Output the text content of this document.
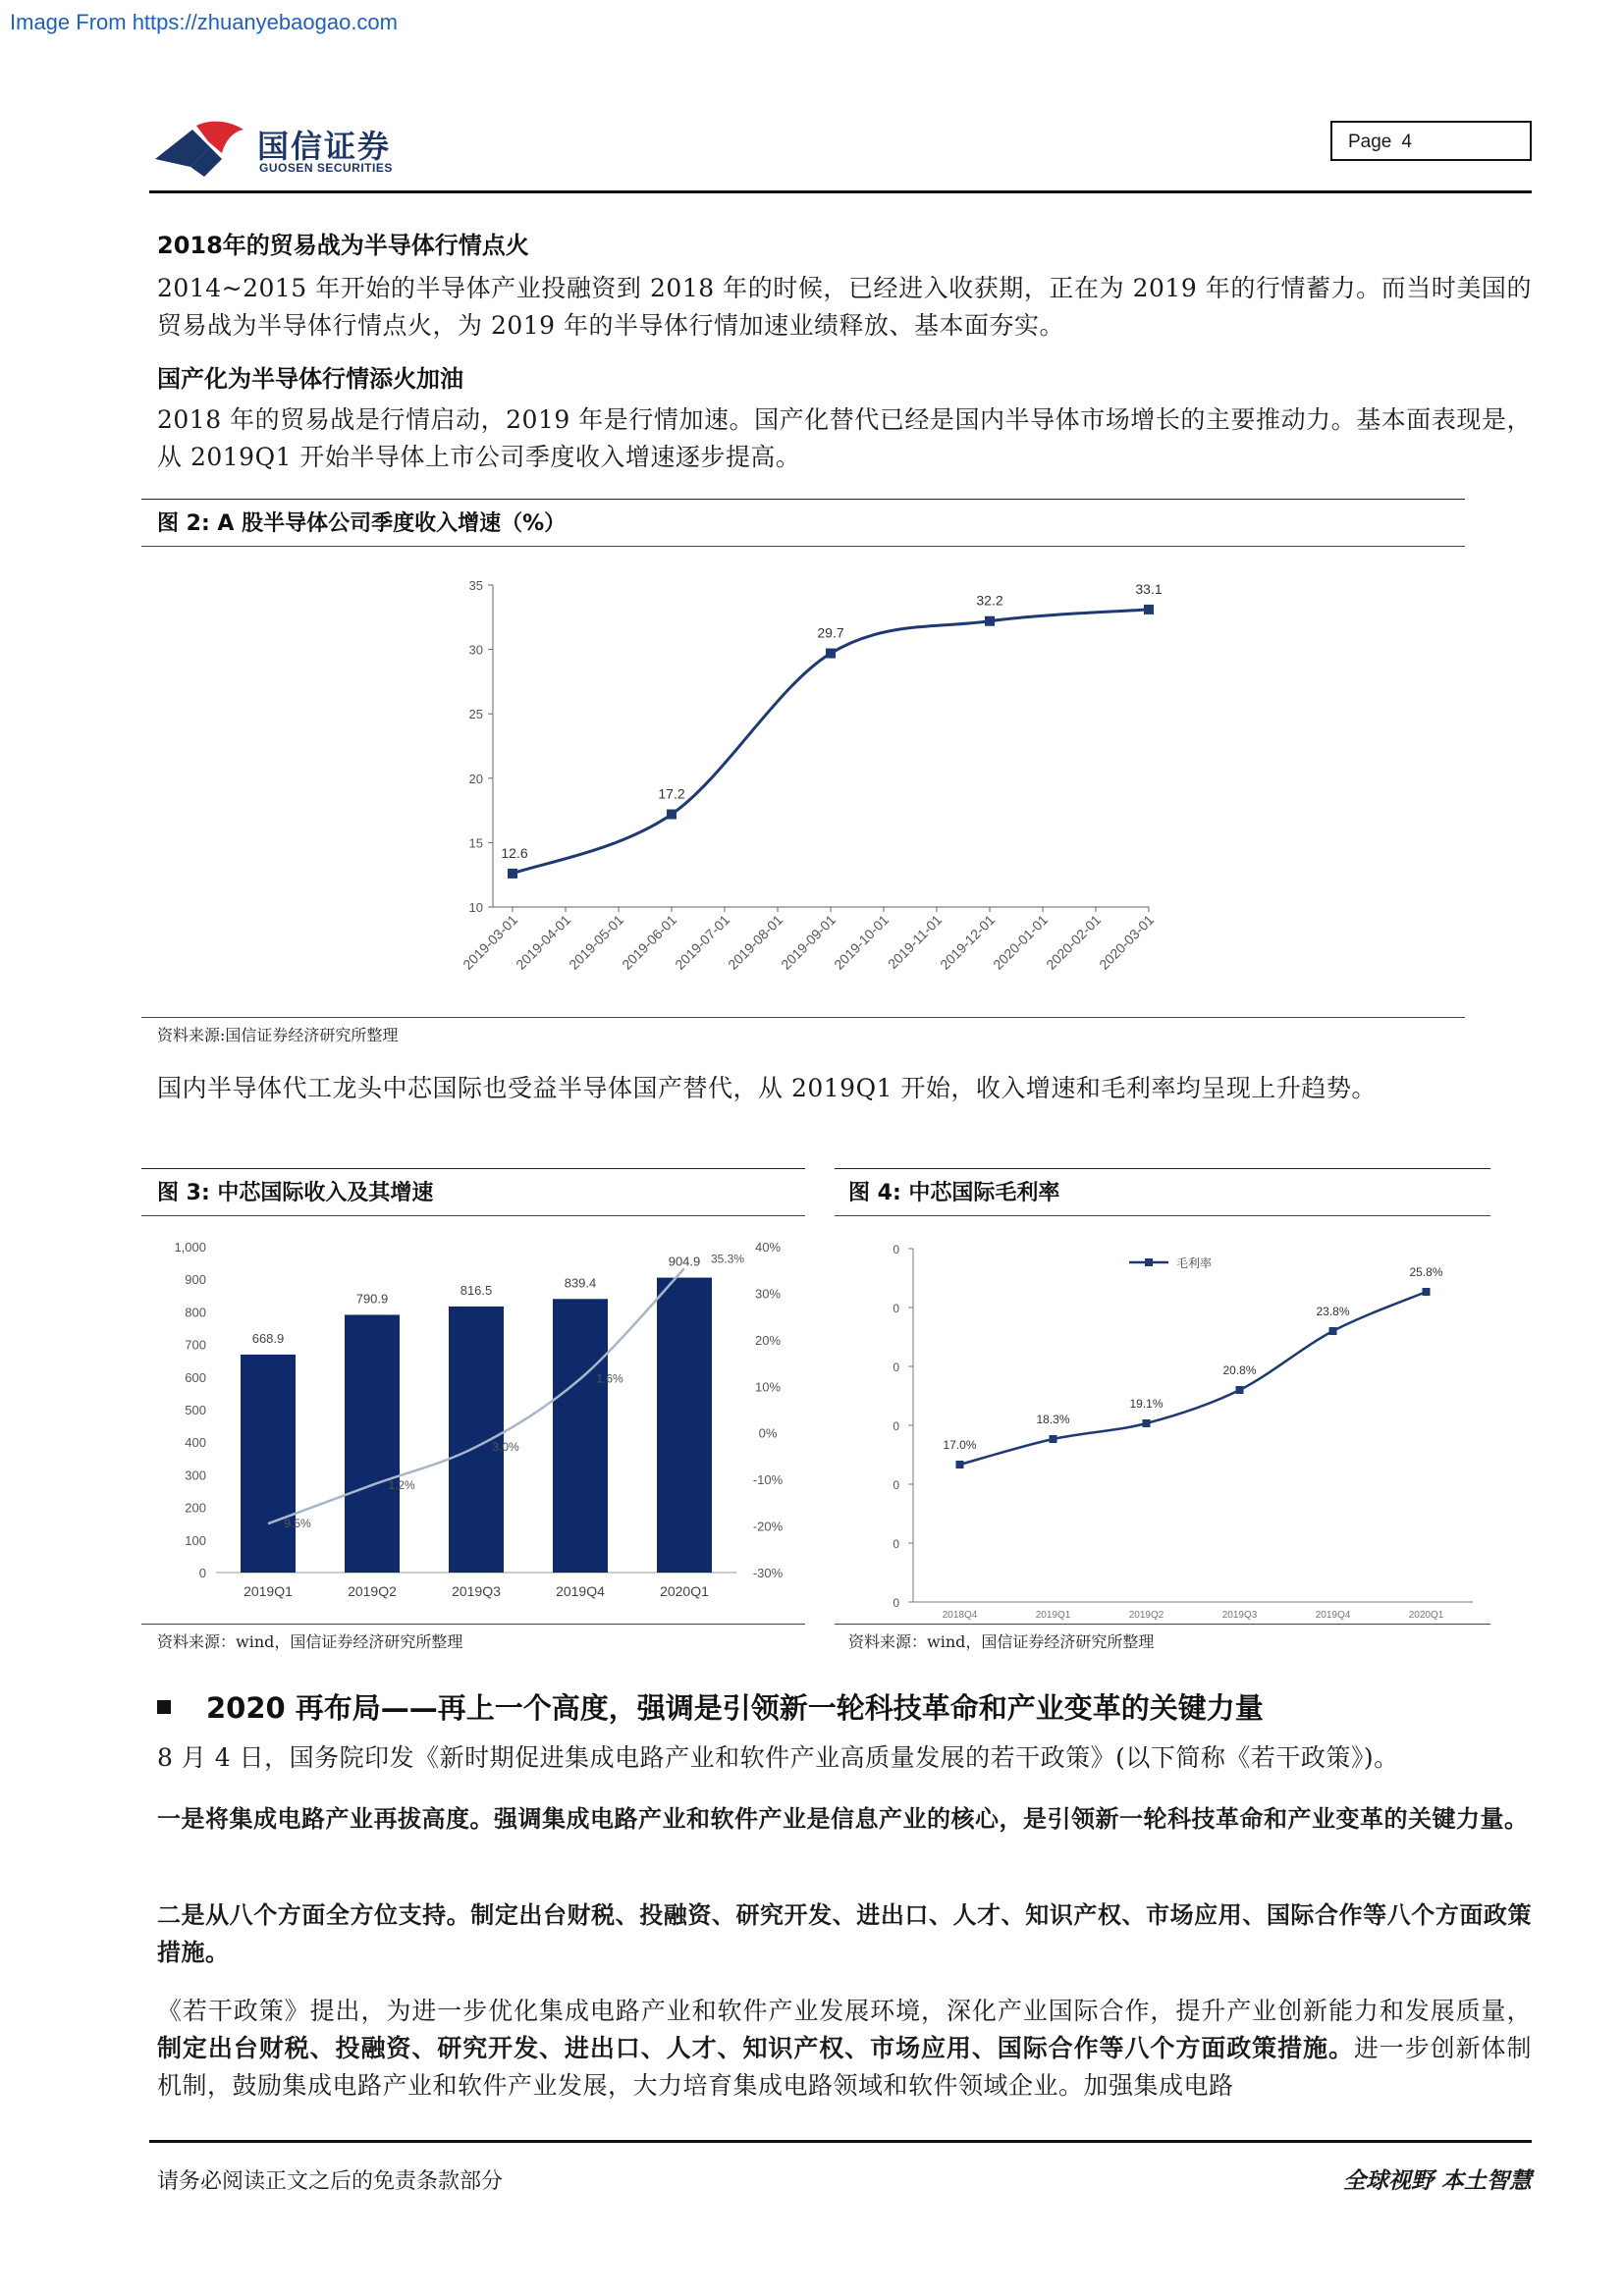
Image From https://zhuanyebaogao.com
国信证券
GUOSEN SECURITIES
Page 4
2018年的贸易战为半导体行情点火
2014~2015 年开始的半导体产业投融资到 2018 年的时候，已经进入收获期，正在为 2019 年的行情蓄力。而当时美国的贸易战为半导体行情点火，为 2019 年的半导体行情加速业绩释放、基本面夯实。
国产化为半导体行情添火加油
2018 年的贸易战是行情启动，2019 年是行情加速。国产化替代已经是国内半导体市场增长的主要推动力。基本面表现是，从 2019Q1 开始半导体上市公司季度收入增速逐步提高。
图 2: A 股半导体公司季度收入增速（%）
35
30
25
20
15
10
2019-03-01
2019-04-01
2019-05-01
2019-06-01
2019-07-01
2019-08-01
2019-09-01
2019-10-01
2019-11-01
2019-12-01
2020-01-01
2020-02-01
2020-03-01
12.6
17.2
29.7
32.2
33.1
资料来源:国信证券经济研究所整理
国内半导体代工龙头中芯国际也受益半导体国产替代，从 2019Q1 开始，收入增速和毛利率均呈现上升趋势。
图 3: 中芯国际收入及其增速
1,000
900
800
700
600
500
400
300
200
100
0
40%
30%
20%
10%
0%
-10%
-20%
-30%
668.9
2019Q1
790.9
2019Q2
816.5
2019Q3
839.4
2019Q4
904.9
2020Q1
9.5%
1.2%
3.0%
1.6%
35.3%
资料来源：wind，国信证券经济研究所整理
图 4: 中芯国际毛利率
0
0
0
0
0
0
0
2018Q4	2019Q1	2019Q2	2019Q3	2019Q4	2020Q1
17.0%
18.3%
19.1%
20.8%
23.8%
25.8%
毛利率
资料来源：wind，国信证券经济研究所整理
2020 再布局——再上一个高度，强调是引领新一轮科技革命和产业变革的关键力量
8 月 4 日，国务院印发《新时期促进集成电路产业和软件产业高质量发展的若干政策》(以下简称《若干政策》)。
一是将集成电路产业再拔高度。强调集成电路产业和软件产业是信息产业的核心，是引领新一轮科技革命和产业变革的关键力量。
二是从八个方面全方位支持。制定出台财税、投融资、研究开发、进出口、人才、知识产权、市场应用、国际合作等八个方面政策措施。
《若干政策》提出，为进一步优化集成电路产业和软件产业发展环境，深化产业国际合作，提升产业创新能力和发展质量，制定出台财税、投融资、研究开发、进出口、人才、知识产权、市场应用、国际合作等八个方面政策措施。进一步创新体制机制，鼓励集成电路产业和软件产业发展，大力培育集成电路领域和软件领域企业。加强集成电路
请务必阅读正文之后的免责条款部分	全球视野 本土智慧
